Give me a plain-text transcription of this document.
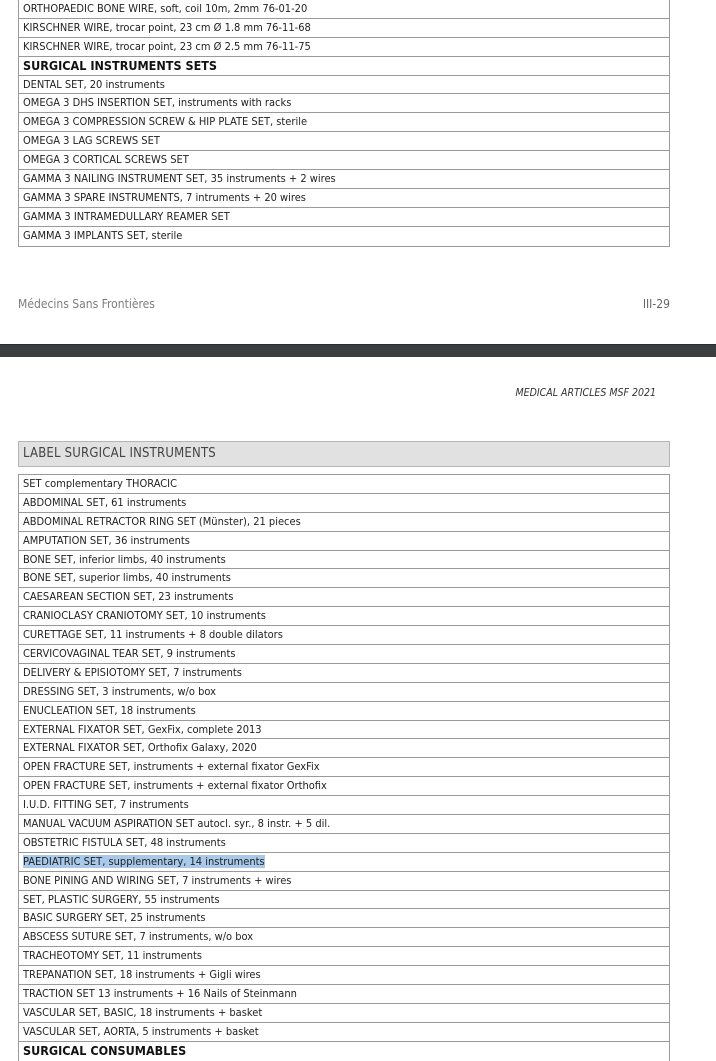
ORTHOPAEDIC BONE WIRE, soft, coil 10m, 2mm 76-01-20
KIRSCHNER WIRE, trocar point, 23 cm Ø 1.8 mm 76-11-68
KIRSCHNER WIRE, trocar point, 23 cm Ø 2.5 mm 76-11-75
SURGICAL INSTRUMENTS SETS
DENTAL SET, 20 instruments
OMEGA 3 DHS INSERTION SET, instruments with racks
OMEGA 3 COMPRESSION SCREW & HIP PLATE SET, sterile
OMEGA 3 LAG SCREWS SET
OMEGA 3 CORTICAL SCREWS SET
GAMMA 3 NAILING INSTRUMENT SET, 35 instruments + 2 wires
GAMMA 3 SPARE INSTRUMENTS, 7 intruments + 20 wires
GAMMA 3 INTRAMEDULLARY REAMER SET
GAMMA 3 IMPLANTS SET, sterile
Médecins Sans Frontières	III-29
MEDICAL ARTICLES MSF 2021
LABEL SURGICAL INSTRUMENTS
SET complementary THORACIC
ABDOMINAL SET, 61 instruments
ABDOMINAL RETRACTOR RING SET (Münster), 21 pieces
AMPUTATION SET, 36 instruments
BONE SET, inferior limbs, 40 instruments
BONE SET, superior limbs, 40 instruments
CAESAREAN SECTION SET, 23 instruments
CRANIOCLASY CRANIOTOMY SET, 10 instruments
CURETTAGE SET, 11 instruments + 8 double dilators
CERVICOVAGINAL TEAR SET, 9 instruments
DELIVERY & EPISIOTOMY SET, 7 instruments
DRESSING SET, 3 instruments, w/o box
ENUCLEATION SET, 18 instruments
EXTERNAL FIXATOR SET, GexFix, complete 2013
EXTERNAL FIXATOR SET, Orthofix Galaxy, 2020
OPEN FRACTURE SET, instruments + external fixator GexFix
OPEN FRACTURE SET, instruments + external fixator Orthofix
I.U.D. FITTING SET, 7 instruments
MANUAL VACUUM ASPIRATION SET autocl. syr., 8 instr. + 5 dil.
OBSTETRIC FISTULA SET, 48 instruments
PAEDIATRIC SET, supplementary, 14 instruments
BONE PINING AND WIRING SET, 7 instruments + wires
SET, PLASTIC SURGERY, 55 instruments
BASIC SURGERY SET, 25 instruments
ABSCESS SUTURE SET, 7 instruments, w/o box
TRACHEOTOMY SET, 11 instruments
TREPANATION SET, 18 instruments + Gigli wires
TRACTION SET 13 instruments + 16 Nails of Steinmann
VASCULAR SET, BASIC, 18 instruments + basket
VASCULAR SET, AORTA, 5 instruments + basket
SURGICAL CONSUMABLES
